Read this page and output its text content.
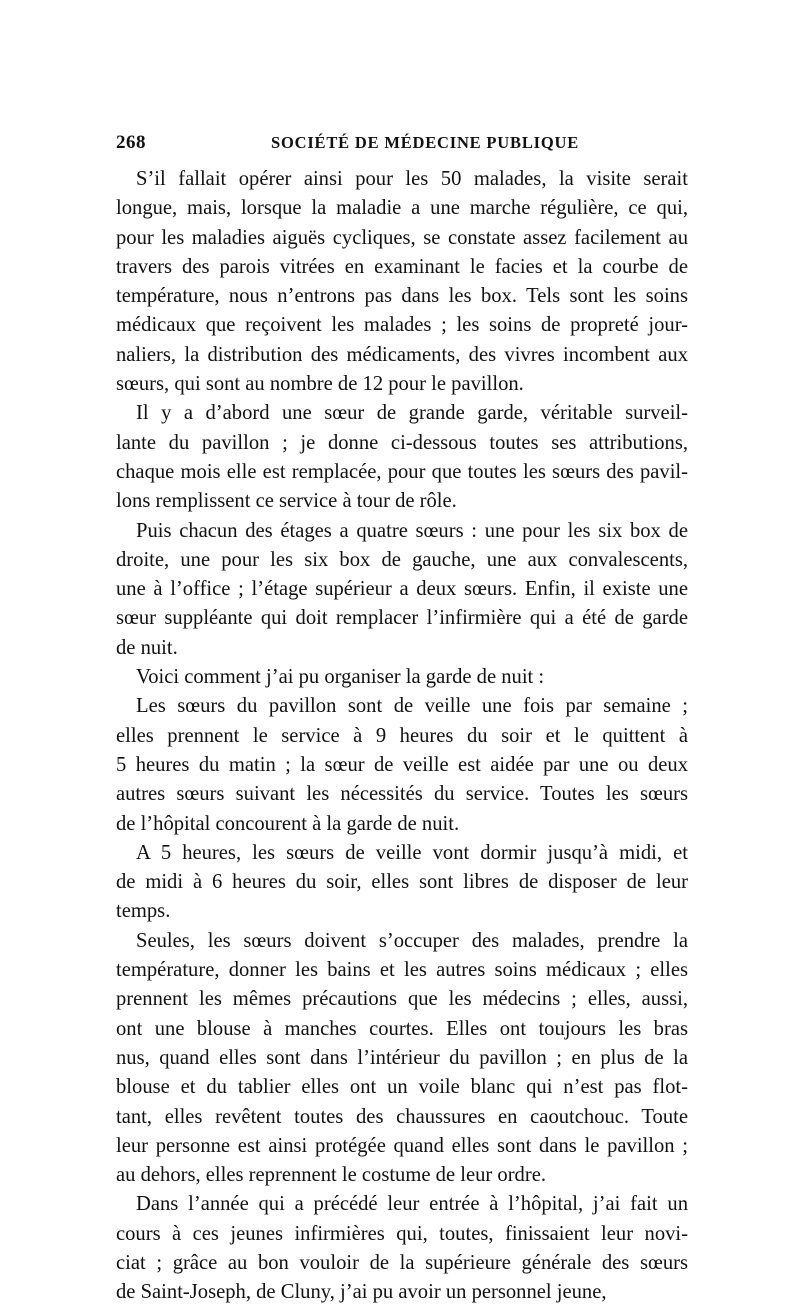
268	SOCIÉTÉ DE MÉDECINE PUBLIQUE
S’il fallait opérer ainsi pour les 50 malades, la visite serait
longue, mais, lorsque la maladie a une marche régulière, ce qui,
pour les maladies aiguës cycliques, se constate assez facilement au
travers des parois vitrées en examinant le facies et la courbe de
température, nous n’entrons pas dans les box. Tels sont les soins
médicaux que reçoivent les malades ; les soins de propreté jour-
naliers, la distribution des médicaments, des vivres incombent aux
sœurs, qui sont au nombre de 12 pour le pavillon.
Il y a d’abord une sœur de grande garde, véritable surveil-
lante du pavillon ; je donne ci-dessous toutes ses attributions,
chaque mois elle est remplacée, pour que toutes les sœurs des pavil-
lons remplissent ce service à tour de rôle.
Puis chacun des étages a quatre sœurs : une pour les six box de
droite, une pour les six box de gauche, une aux convalescents,
une à l’office ; l’étage supérieur a deux sœurs. Enfin, il existe une
sœur suppléante qui doit remplacer l’infirmière qui a été de garde
de nuit.
Voici comment j’ai pu organiser la garde de nuit :
Les sœurs du pavillon sont de veille une fois par semaine ;
elles prennent le service à 9 heures du soir et le quittent à
5 heures du matin ; la sœur de veille est aidée par une ou deux
autres sœurs suivant les nécessités du service. Toutes les sœurs
de l’hôpital concourent à la garde de nuit.
A 5 heures, les sœurs de veille vont dormir jusqu’à midi, et
de midi à 6 heures du soir, elles sont libres de disposer de leur
temps.
Seules, les sœurs doivent s’occuper des malades, prendre la
température, donner les bains et les autres soins médicaux ; elles
prennent les mêmes précautions que les médecins ; elles, aussi,
ont une blouse à manches courtes. Elles ont toujours les bras
nus, quand elles sont dans l’intérieur du pavillon ; en plus de la
blouse et du tablier elles ont un voile blanc qui n’est pas flot-
tant, elles revêtent toutes des chaussures en caoutchouc. Toute
leur personne est ainsi protégée quand elles sont dans le pavillon ;
au dehors, elles reprennent le costume de leur ordre.
Dans l’année qui a précédé leur entrée à l’hôpital, j’ai fait un
cours à ces jeunes infirmières qui, toutes, finissaient leur novi-
ciat ; grâce au bon vouloir de la supérieure générale des sœurs
de Saint-Joseph, de Cluny, j’ai pu avoir un personnel jeune,
